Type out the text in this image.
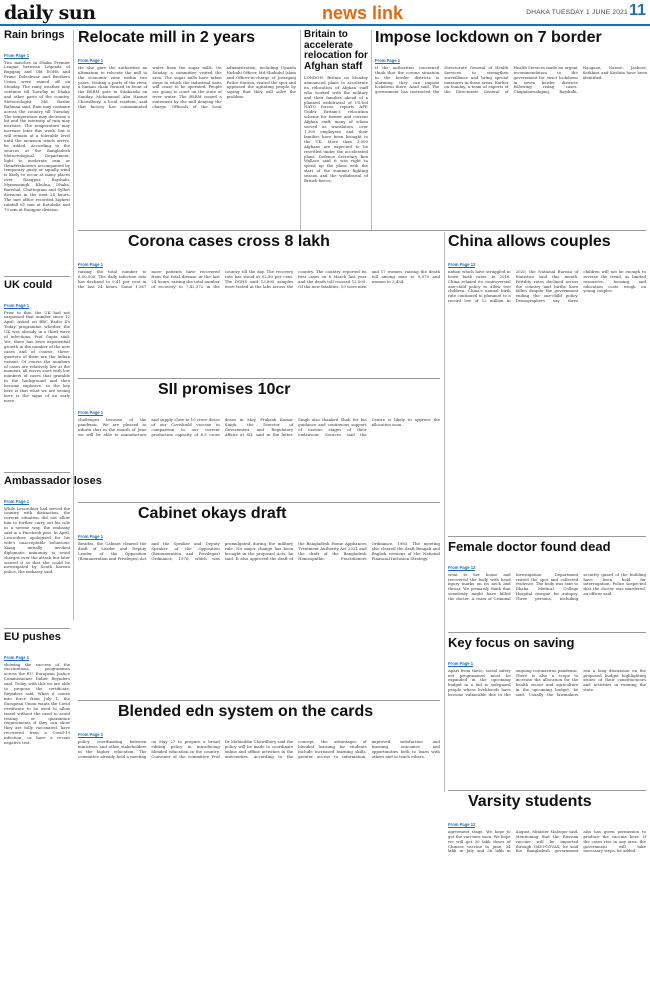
daily sun	news link	DHAKA TUESDAY 1 JUNE 2021 11
Rain brings
From Page 1
Two matches in Dhaka Premier League between Legends of Rupganj and Old DOHS and Prime Doleshwar and Brothers Union were rained off on Monday. The rainy weather may continue till Tuesday in Dhaka and other parts of the country. Meteorologist Md Bazlur Rahman said, Rain may continue across the country till Tuesday. The temperature may decrease a bit and the intensity of rain may increase. The temperature may increase later this week, but it will remain at a tolerable level until the monsoon winds arrive, he added. According to the sources at the Bangladesh Meteorological Department, light to moderate rain or thundershowers accompanied by temporary gusty or squally wind is likely to occur at many places over Rangpur, Rajshahi, Mymensingh, Khulna, Dhaka, Barishal, Chattogram and Sylhet divisions in the next 24 hours. The met office recorded highest rainfall 81 mm at Kutubdia and 70 mm at Rangpur division.
UK could
From Page 1
Prior to this, the UK had not surpassed that number since 12 April. Asked on BBC Radio 4's Today programme whether the UK was already in a third wave of infections, Prof Gupta said: Yes, there has been exponential growth in the number of the new cases and of course, three-quarters of them are the Indian variant. Of course the numbers of cases are relatively low at the moment, all waves start with low numbers of cases that grumble in the background and then become explosive, so the key here is that what we are seeing here is the signs of an early wave.
Ambassador loses
From Page 1
While Lescouhier had served the country with distinction, the current situation did not allow him to further carry out his role in a serene way, the embassy said in a Facebook post. In April, Lescouhier apologised for his wife's unacceptable behaviour. Xiang initially invoked diplomatic immunity to avoid charges over the attack but later waived it so that she could be investigated by South Korean police, the embassy said.
EU pushes
From Page 1
showing the success of the vaccinations, programmes across the EU, European Justice Commissioner Didier Reynders said. Today, with this we are able to propose the certificate, Reynders said. When it comes into force from July 1, the European Union wants the Covid certificate to be used to allow travel without the need to avoid testing or quarantine requirements if they can show they are fully vaccinated, have recovered from a Covid-19 infection, or have a recent negative test.
Relocate mill in 2 years
From Page 1
He also gave the authorities an ultimatum to relocate the mill to the economic zone within two years. Visiting a parts of the river, a human chain formed in front of the BSRM gate in Sitakunda on Sunday. Mohammad Abu Hasnat Chowdhury, a local resident, said that factory has contaminated water from the sugar mills. On Sunday, a committee visited the area. The sugar mills have taken steps in which the industrial units will cease to be operated. People are going to court on the state of river water. The BSRM issued a statement by the mill denying the charge. Officials of the local administration, including Upazila Nirbahi Officer, Md Shahidul Islam and Officer-in-charge of Jorarganj Police Station, visited the spot and appeased the agitating people by saying that they will solve the problem.
Britain to accelerate relocation for Afghan staff
LONDON: Britain on Monday announced plans to accelerate its relocation of Afghan staff who worked with the military and their families ahead of a planned withdrawal of US-led NATO forces, reports AFP. Under Britain's relocation scheme for former and current Afghan staff, many of whom served as translators, over 1,300 employees and their families have been brought to the UK. More than 3,000 Afghans are expected to be resettled under the accelerated plans. Defence Secretary Ben Wallace said it was right to speed up the plans with the start of the summer fighting season and the withdrawal of British forces.
Impose lockdown on 7 border
From Page 1
If the authorities concerned think that the corona situation in the border districts is alarming, they can impose lockdown there, Azad said. The government has instructed the Directorate General of Health Services to strengthen surveillance and bring special measures in those areas. Earlier on Sunday, a team of experts of the Directorate General of Health Services made an urgent recommendation to the government for strict lockdown in seven border districts following rising cases. Chapainawabganj, Rajshahi, Naogaon, Natore, Jashore, Satkhira and Kushtia have been identified.
Corona cases cross 8 lakh
From Page 1
raising the total number to 8,00,000. The daily infection rate has declined to 9.41 per cent in the last 24 hours. Some 1,367 more patients have recovered from the fatal disease in the last 24 hours, raising the total number of recovery to 7,42,372 in the country till the day. The recovery rate has stood at 92.80 per cent. The DGHS said 13,895 samples were tested at the labs across the country. The country reported its first cases on 8 March last year and the death toll crossed 12,000. Of the new fatalities, 19 were men and 17 women, raising the death toll among men to 9,070 and women to 3,434.
China allows couples
From Page 12
nation which have struggled to boost birth rates. In 2016, China relaxed its controversial one-child policy to allow two children. China's annual birth rate continued to plummet to a record low of 12 million in 2020, the National Bureau of Statistics said this month. Fertility rates declined across the country and births have fallen despite the government ending the one-child policy. Demographers say three children will not be enough to reverse the trend, as limited resources, housing and education costs weigh on young couples.
SII promises 10cr
From Page 1
challenges because of the pandemic. We are pleased to inform that in the month of June we will be able to manufacture and supply close to 10 crore doses of our Covishield vaccine in comparison to our current production capacity of 6.5 crore doses in May, Prakash Kumar Singh, the Director of Government and Regulatory Affairs at SII, said in the letter. Singh also thanked Shah for his guidance and continuous support of various stages of their endeavour. Sources said the Centre is likely to approve the allocation soon.
Cabinet okays draft
From Page 1
Besides, the Cabinet cleared the draft of Leader and Deputy Leader of the Opposition (Remuneration and Privileges) Act and the Speaker and Deputy Speaker of the Opposition (Remuneration and Privileges) Ordinance, 1976, which was promulgated during the military rule. No major change has been brought in the proposed Acts, he said. It also approved the draft of the Bangladesh Home Appliances Treatment Authority Act 2021 and the draft of the Bangladesh Homeopathic Practitioners Ordinance, 1983. The meeting also cleared the draft Bengali and English versions of the National Financial Inclusion Strategy.
Female doctor found dead
From Page 12
went to her house and recovered the body with head injury marks on its neck and throat. We primarily think that somebody might have killed the doctor. A team of Criminal Investigation Department visited the spot and collected evidence. The body was sent to Dhaka Medical College Hospital morgue for autopsy. Three persons, including security guard of the building have been held for interrogation. Police suspected that the doctor was murdered, an officer said.
Key focus on saving
From Page 1
Apart from these, social safety net programmes must be expanded in the upcoming budget in a bid to safeguard people whose livelihoods have become vulnerable due to the ongoing coronavirus pandemic. There is also a scope to increase the allocation for the health sector and agriculture in the upcoming budget, he said. Usually the lawmakers run a long discussion on the proposed budget highlighting issues of their constituencies and activities in running the state.
Blended edn system on the cards
From Page 1
policy coordinating between ministries and other stakeholders in the higher education. The committee already held a meeting on May 27 to prepare a broad editing policy in introducing blended education in the country. Convener of the committee Prof Dr Mohiuddin Chowdhury said the policy will be made to coordinate online and offline activities in the universities. According to the concept, the advantages of blended learning for students include increased learning skills, greater access to information, improved satisfaction and learning outcomes and opportunities both to learn with others and to teach others.
Varsity students
From Page 12
agreement stage. We hope to get the vaccines soon. We hope we will get 30 lakh doses of Chinese vaccine in June, 34 lakh in July and 56 lakh in August, Minister Maleque said. Mentioning that the Russian vaccine will be imported through GAVI-COVAX, he said the Bangladesh government also has given permission to produce the vaccine here. If the cases rise in any area, the government will take necessary steps, he added.
